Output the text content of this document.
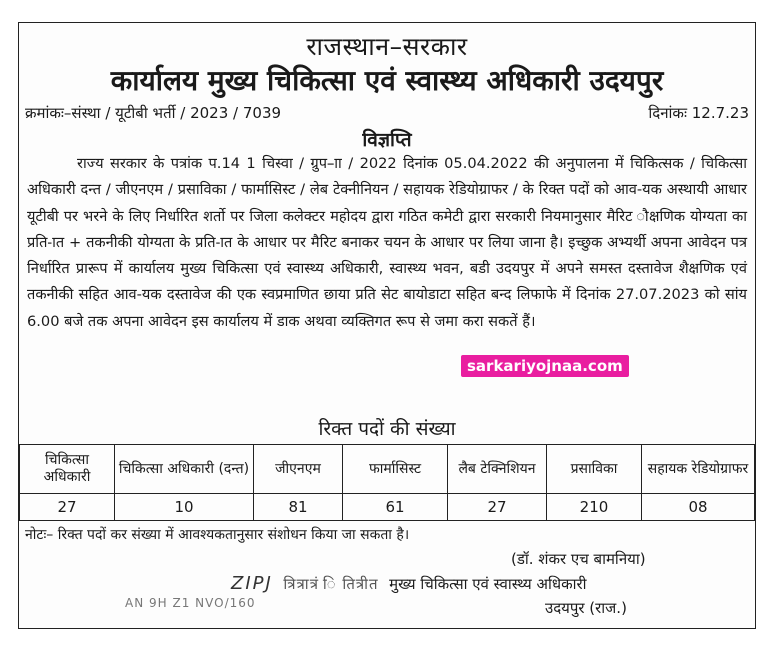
राजस्थान–सरकार
कार्यालय मुख्य चिकित्सा एवं स्वास्थ्य अधिकारी उदयपुर
क्रमांकः–संस्था / यूटीबी भर्ती / 2023 / 7039	दिनांकः 12.7.23
विज्ञप्ति
राज्य सरकार के पत्रांक प.14 1 चिस्वा / ग्रुप–ाा / 2022 दिनांक 05.04.2022 की अनुपालना में चिकित्सक / चिकित्सा अधिकारी दन्त / जीएनएम / प्रसाविका / फार्मासिस्ट / लेब टेक्नीनियन / सहायक रेडियोग्राफर / के रिक्त पदों को आव-यक अस्थायी आधार यूटीबी पर भरने के लिए निर्धारित शर्तो पर जिला कलेक्टर महोदय द्वारा गठित कमेटी द्वारा सरकारी नियमानुसार मैरिट ौक्षणिक योग्यता का प्रति-ात + तकनीकी योग्यता के प्रति-ात के आधार पर मैरिट बनाकर चयन के आधार पर लिया जाना है। इच्छुक अभ्यर्थी अपना आवेदन पत्र निर्धारित प्रारूप में कार्यालय मुख्य चिकित्सा एवं स्वास्थ्य अधिकारी, स्वास्थ्य भवन, बडी उदयपुर में अपने समस्त दस्तावेज शैक्षणिक एवं तकनीकी सहित आव-यक दस्तावेज की एक स्वप्रमाणित छाया प्रति सेट बायोडाटा सहित बन्द लिफाफे में दिनांक 27.07.2023 को सांय 6.00 बजे तक अपना आवेदन इस कार्यालय में डाक अथवा व्यक्तिगत रूप से जमा करा सकतें हैं।
रिक्त पदों की संख्या
चिकित्सा अधिकारी	चिकित्सा अधिकारी (दन्त)	जीएनएम	फार्मासिस्ट	लैब टेक्निशियन	प्रसाविका	सहायक रेडियोग्राफर
27	10	81	61	27	210	08
नोटः– रिक्त पदों कर संख्या में आवश्यकतानुसार संशोधन किया जा सकता है।
(डॉ. शंकर एच बामनिया)
ZIPJ  त्रित्रात्रं ि तित्रीत  मुख्य चिकित्सा एवं स्वास्थ्य अधिकारी
AN 9H Z1 NVO/160	उदयपुर (राज.)
sarkariyojnaa.com
